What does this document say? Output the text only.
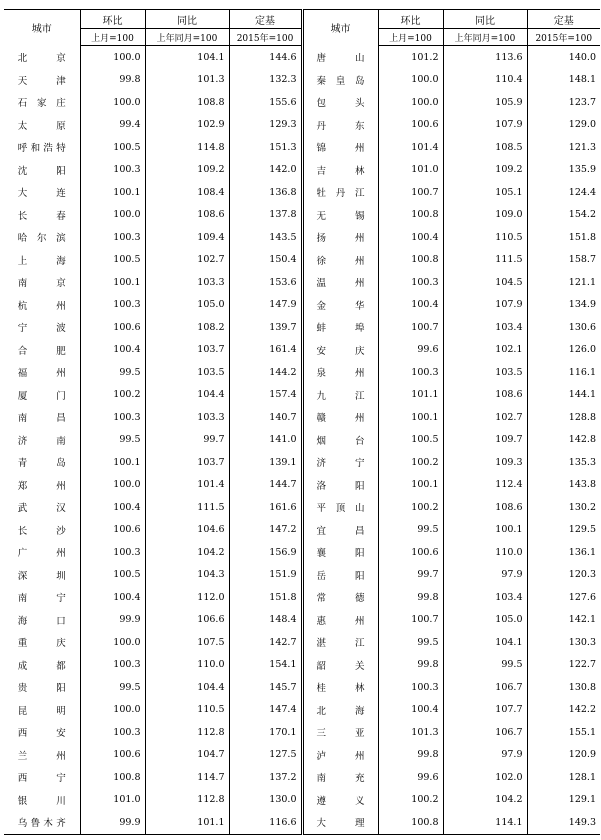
城市	环比	同比	定基	城市	环比	同比	定基
	上月=100	上年同月=100	2015年=100		上月=100	上年同月=100	2015年=100
北京	100.0	104.1	144.6	唐山	101.2	113.6	140.0
天津	99.8	101.3	132.3	秦皇岛	100.0	110.4	148.1
石家庄	100.0	108.8	155.6	包头	100.0	105.9	123.7
太原	99.4	102.9	129.3	丹东	100.6	107.9	129.0
呼和浩特	100.5	114.8	151.3	锦州	101.4	108.5	121.3
沈阳	100.3	109.2	142.0	吉林	101.0	109.2	135.9
大连	100.1	108.4	136.8	牡丹江	100.7	105.1	124.4
长春	100.0	108.6	137.8	无锡	100.8	109.0	154.2
哈尔滨	100.3	109.4	143.5	扬州	100.4	110.5	151.8
上海	100.5	102.7	150.4	徐州	100.8	111.5	158.7
南京	100.1	103.3	153.6	温州	100.3	104.5	121.1
杭州	100.3	105.0	147.9	金华	100.4	107.9	134.9
宁波	100.6	108.2	139.7	蚌埠	100.7	103.4	130.6
合肥	100.4	103.7	161.4	安庆	99.6	102.1	126.0
福州	99.5	103.5	144.2	泉州	100.3	103.5	116.1
厦门	100.2	104.4	157.4	九江	101.1	108.6	144.1
南昌	100.3	103.3	140.7	赣州	100.1	102.7	128.8
济南	99.5	99.7	141.0	烟台	100.5	109.7	142.8
青岛	100.1	103.7	139.1	济宁	100.2	109.3	135.3
郑州	100.0	101.4	144.7	洛阳	100.1	112.4	143.8
武汉	100.4	111.5	161.6	平顶山	100.2	108.6	130.2
长沙	100.6	104.6	147.2	宜昌	99.5	100.1	129.5
广州	100.3	104.2	156.9	襄阳	100.6	110.0	136.1
深圳	100.5	104.3	151.9	岳阳	99.7	97.9	120.3
南宁	100.4	112.0	151.8	常德	99.8	103.4	127.6
海口	99.9	106.6	148.4	惠州	100.7	105.0	142.1
重庆	100.0	107.5	142.7	湛江	99.5	104.1	130.3
成都	100.3	110.0	154.1	韶关	99.8	99.5	122.7
贵阳	99.5	104.4	145.7	桂林	100.3	106.7	130.8
昆明	100.0	110.5	147.4	北海	100.4	107.7	142.2
西安	100.3	112.8	170.1	三亚	101.3	106.7	155.1
兰州	100.6	104.7	127.5	泸州	99.8	97.9	120.9
西宁	100.8	114.7	137.2	南充	99.6	102.0	128.1
银川	101.0	112.8	130.0	遵义	100.2	104.2	129.1
乌鲁木齐	99.9	101.1	116.6	大理	100.8	114.1	149.3
